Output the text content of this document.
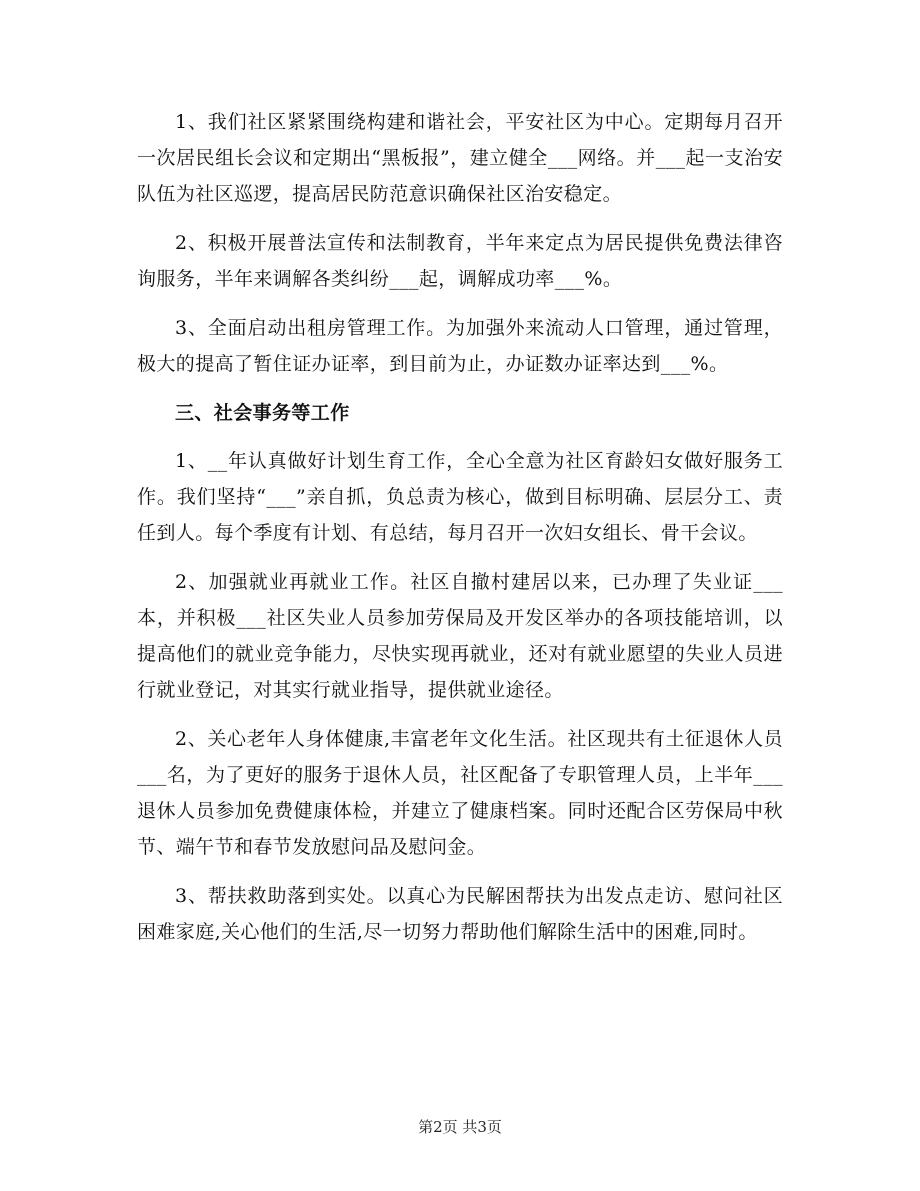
1、我们社区紧紧围绕构建和谐社会，平安社区为中心。定期每月召开一次居民组长会议和定期出“黑板报”，建立健全___网络。并___起一支治安队伍为社区巡逻，提高居民防范意识确保社区治安稳定。

2、积极开展普法宣传和法制教育，半年来定点为居民提供免费法律咨询服务，半年来调解各类纠纷___起，调解成功率___%。

3、全面启动出租房管理工作。为加强外来流动人口管理，通过管理，极大的提高了暂住证办证率，到目前为止，办证数办证率达到___%。

三、社会事务等工作

1、__年认真做好计划生育工作，全心全意为社区育龄妇女做好服务工作。我们坚持“___”亲自抓，负总责为核心，做到目标明确、层层分工、责任到人。每个季度有计划、有总结，每月召开一次妇女组长、骨干会议。

2、加强就业再就业工作。社区自撤村建居以来，已办理了失业证___本，并积极___社区失业人员参加劳保局及开发区举办的各项技能培训，以提高他们的就业竞争能力，尽快实现再就业，还对有就业愿望的失业人员进行就业登记，对其实行就业指导，提供就业途径。

2、关心老年人身体健康,丰富老年文化生活。社区现共有土征退休人员___名，为了更好的服务于退休人员，社区配备了专职管理人员，上半年___退休人员参加免费健康体检，并建立了健康档案。同时还配合区劳保局中秋节、端午节和春节发放慰问品及慰问金。

3、帮扶救助落到实处。以真心为民解困帮扶为出发点走访、慰问社区困难家庭,关心他们的生活,尽一切努力帮助他们解除生活中的困难,同时。

第2页 共3页
